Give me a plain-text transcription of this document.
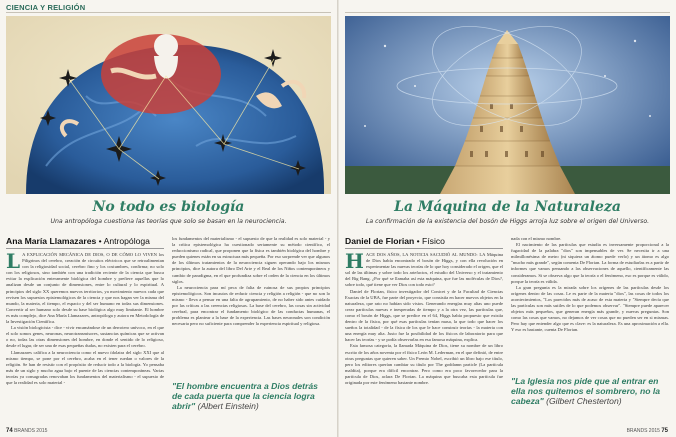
CIENCIA Y RELIGIÓN
No todo es biología
Una antropóloga cuestiona las teorías que solo se basan en la neurociencia.
Ana María Llamazares • Antropóloga

L A EXPLICACIÓN MECÁNICA DE DIOS, O DE CÓMO LO VIVEN los Piligrinos del cerebro, creación de circuitos eléctricos que se retroalimentan con la religiosidad social, cerebro fino y los costumbres, confirma; no solo con los religiosos, sino también con una tradición reciente de la ciencia que busca evitar la explicación enteramente biológica del hombre y prefiere aquellas que lo analizan desde un conjunto de dimensiones, entre lo cultural y lo espiritual. A principios del siglo XX queremos nuevos territorios, ya movimiento nuevos cada que revisen los supuestos epistemológicos de la ciencia y que nos hagan ver la misma del mundo, la materia, el tiempo, el espacio y del ser humano en todas sus dimensiones. Convertir al ser humano solo desde su base biológica algo muy limitante. El hombre es más complejo, dice Ana María Llamazares, antropóloga y autora en Metodología de la Investigación Científica.

La visión biologicista - dice - vivir encamándose de un derrotero unívoco, en el que el solo somos genes, neuronas, neurotransmisores, sustancias químicas que se activan o no, todas las otras dimensiones del hombre, en donde el sentido de lo religioso, desde el lugar, de ser una de esas pequeñas dudas, no existen para el cerebro.

Llamazares califica a la neurociencia como el nuevo ídolatra del siglo XXI que al mismo tiempo, se pone por el cerebro, acaba en el tener ruedan o valores de la religión. Se han de resistir con el propósito de reducir todo a la biología. Yo pensaba más de un siglo y mucho agua bajo el puente de las ciencias contemporáneas. Varias teorías ya consagradas renovaban los fundamentos del materialismo - el supuesto de que la realidad es solo material -

los fundamentos del materialismo - el supuesto de que la realidad es solo material - y la crítica epistemológica ha cuestionado seriamente su método científico, el reduccionismo radical, que proponen que la física es también biológica del hombre y pueden quienes están en su estructura más pequeña. Por eso sorprende ver que algunos de los últimos tratamientos de la neurociencia siguen operando bajo los mismos principios, dice la autora del libro Del Arte y el Real de los Niños contemporáneos y cambio de paradigma, en el que profundiza sobre el orden de la ciencia en los últimos siglos.

La neurociencia para mí peca de falta de ruinosa de sus propios principios epistemológicos. Son incautos de reducir ciencia y religión a religión - que no son lo mismo - lleva a pensar en una falta de agrupamiento, de no haber sido antes cuidado por las críticas a las creencias religiosas. La base del cerebro, las cosas sin actividad cerebral, para encontrar el fundamento biológico de las conductas humanas, el problema es plantear a la base de la experiencia. Las bases neuronales son condición necesaria pero no suficiente para comprender la experiencia espiritual y religiosa.

"El hombre encuentra a Dios detrás de cada puerta que la ciencia logra abrir" (Albert Einstein)
74 BRANDS 2015
La Máquina de la Naturaleza
La confirmación de la existencia del bosón de Higgs arroja luz sobre el origen del Universo.
Daniel de Florian • Físico

HACE DOS AÑOS, LA NOTICIA SACUDIÓ AL MUNDO: LA Máquina de Dios había encontrado el bosón de Higgs, y con ella revolución en experimentar las nuevas teorías de lo que hoy considerado el origen, que el sol de las últimas y sobre todo los artefactos, el estudio del Universo y el tratamiento del Big Bang. ¿Por qué se llamaba así esta máquina, que fue las moléculas de Dios?, sobre todo, qué tiene que ver Dios con todo esto?

Daniel de Florian, físico investigador del Conicet y de la Facultad de Ciencias Exactas de la UBA, fue parte del proyecto, que consistía en hacer nuevos objetos en la naturaleza, que rato no habían sido vistos. Generando energías muy altas uno puede crear partículas nuevas e inesperadas de tiempo y a la otra vez, las partículas que, como el bosón de Higgs, que se predice en el 64, Higgs había propuesto que existía dentro de la física, por qué esas partículas tenían masa, la que todo que hacer los sueños la totalidad - de la física de los que le hace construir teorías - la materia con una energía muy alta. Justo fue la posibilidad de los físicos de laboratorio para que hacer las teorías - y se podía observarlas en esa famosa máquina, explica.

Esta famosa categoría, la llamada Máquina de Dios, tiene su nombre de un libro escrito de los años noventa por el físico León M. Lederman, en el que definió, de entre otras preguntas que quieren saber. Un Premio Nobel, escribió un libro bajo ese título, pero los editores querían cambiar su título por The goddamn particle (La partícula maldita), porque era difícil encontrar. Pero como era poco favorecedor para la partícula de Dios, aclara De Florian. La máquina que buscaba esta partícula fue originada por este fenómeno bastante nombre.

nada con el mismo nombre.

El nacimiento de las partículas que estudia es inversamente proporcional a la fugacidad de la palabra "dios" son impensables de ver. Se necesita ir a una milmillonésima de metro (ni siquiera un átomo puede verlo) y un átomo es algo "mucho más grande", según comenta De Florian. La forma de estudiarlas es a partir de informes que vamos pensando a las observaciones de aquello, científicamente las consideramos. Si se observa algo que la teoría o el fenómeno, eso es porque es válido, porque la teoría es válida.

La gran pregunta es la mirada sobre los orígenes de las partículas desde los orígenes dentro de las cosas. Le es parte de la materia "dios", las cosas de todos los acontecimientos, "Los parecidos más de acaso de esta materia y "Siempre decía que las partículas son más sutiles de lo que podemos observar". "Siempre puede aparecer objetos más pequeños, que generan energía más grande, y nuevas preguntas. Son como las cosas que vamos, no dejamos de ver cosas que no pueden ser en si mismas. Pero hay que entender algo que es clave: es la naturaleza. Es una aproximación a ella. Y eso es bastante, cuenta De Florian.

"La Iglesia nos pide que al entrar en ella nos quitemos el sombrero, no la cabeza" (Gilbert Chesterton)
BRANDS 2015 75
